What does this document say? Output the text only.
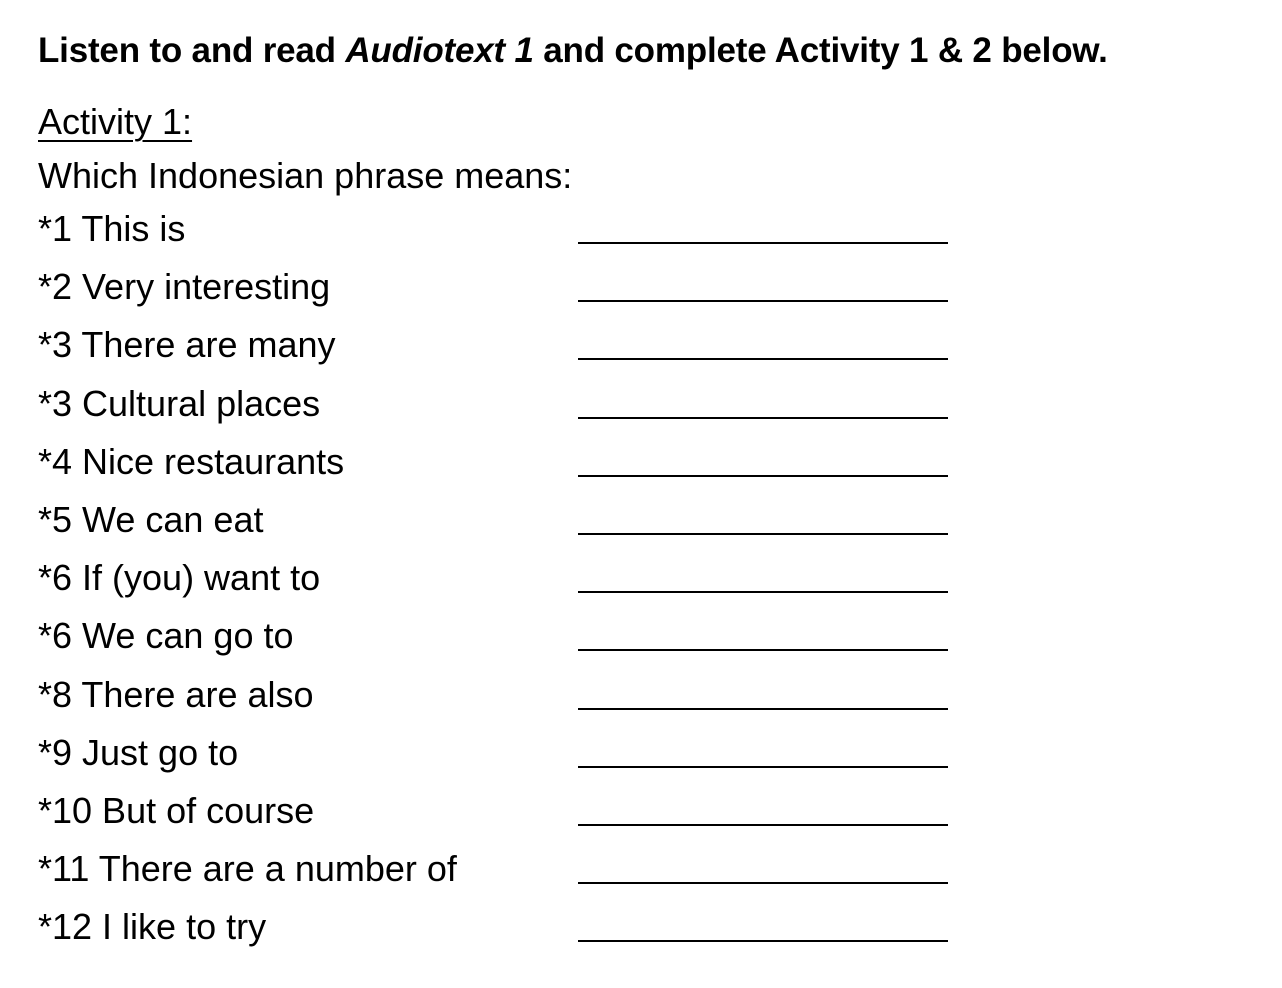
Listen to and read Audiotext 1 and complete Activity 1 & 2 below.
Activity 1:
Which Indonesian phrase means:
*1 This is
*2 Very interesting
*3 There are many
*3 Cultural places
*4 Nice restaurants
*5 We can eat
*6 If (you) want to
*6 We can go to
*8 There are also
*9 Just go to
*10 But of course
*11 There are a number of
*12 I like to try
